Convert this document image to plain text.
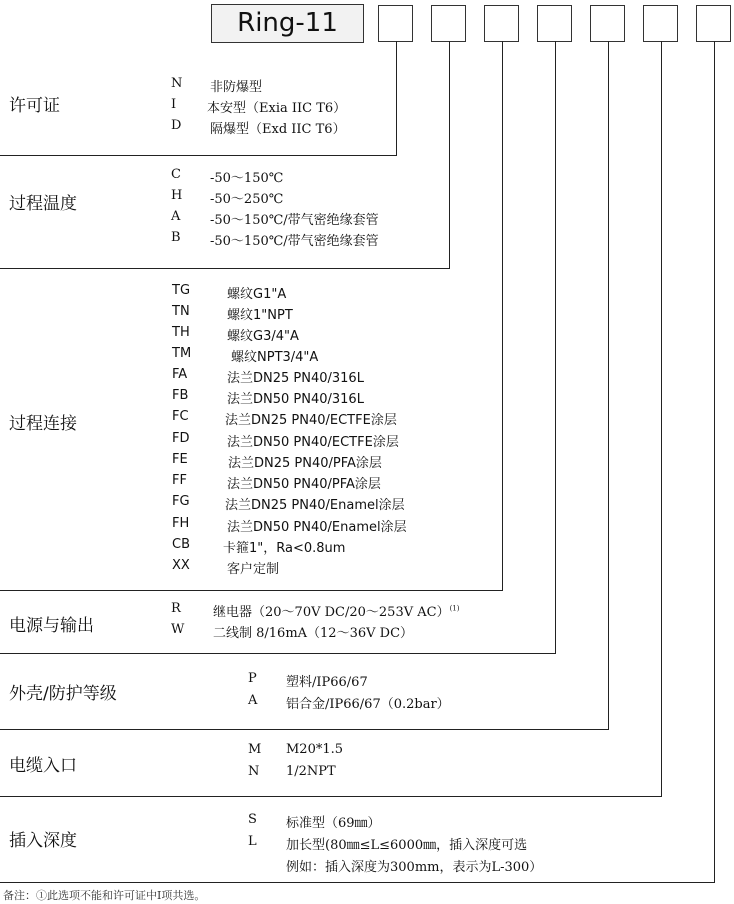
Ring-11
许可证
N 非防爆型
I 本安型（Exia IIC T6）
D 隔爆型（Exd IIC T6）
过程温度
C -50～150℃
H -50～250℃
A -50～150℃/带气密绝缘套管
B -50～150℃/带气密绝缘套管
过程连接
TG	螺纹G1"A
TN	螺纹1"NPT
TH	螺纹G3/4"A
TM	螺纹NPT3/4"A
FA	法兰DN25 PN40/316L
FB	法兰DN50 PN40/316L
FC	法兰DN25 PN40/ECTFE涂层
FD	法兰DN50 PN40/ECTFE涂层
FE	法兰DN25 PN40/PFA涂层
FF	法兰DN50 PN40/PFA涂层
FG	法兰DN25 PN40/Enamel涂层
FH	法兰DN50 PN40/Enamel涂层
CB	卡箍1"，Ra<0.8um
XX	客户定制
电源与输出
R 继电器（20～70V DC/20～253V AC）$^{(1)}$
W 二线制 8/16mA（12～36V DC）
外壳/防护等级
P 塑料/IP66/67
A 铝合金/IP66/67（0.2bar）
电缆入口
M M20*1.5
N 1/2NPT
插入深度
S 标准型（69㎜）
L 加长型(80㎜≤L≤6000㎜，插入深度可选
例如：插入深度为300mm，表示为L-300）
备注：①此选项不能和许可证中I项共选。
